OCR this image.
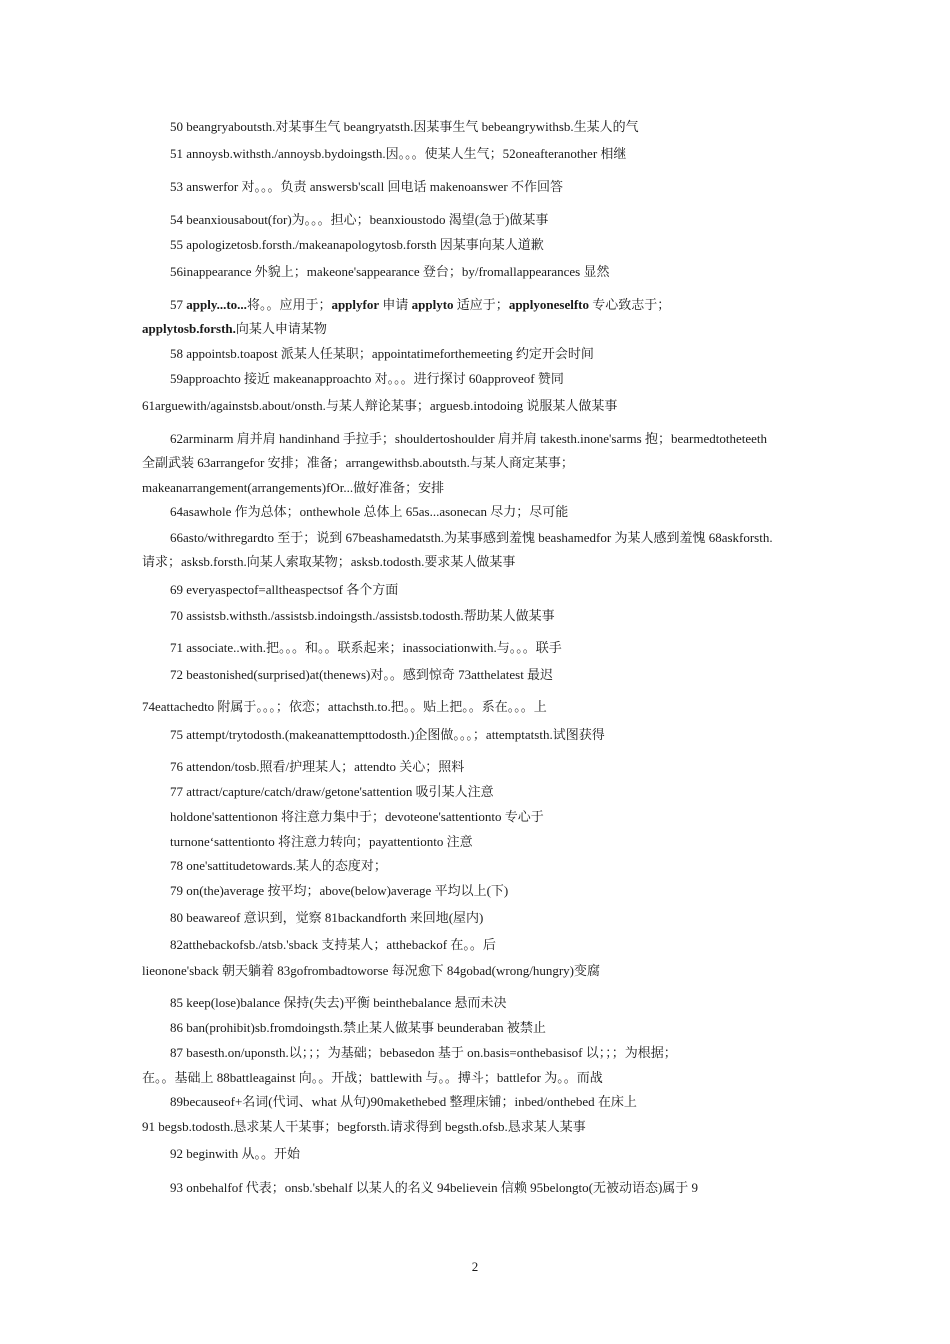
50 beangryaboutsth.对某事生气 beangryatsth.因某事生气 bebeangrywithsb.生某人的气
51 annoysb.withsth./annoysb.bydoingsth.因。。。使某人生气；52oneafteranother 相继
53 answerfor 对。。。负责 answersb'scall 回电话 makenoanswer 不作回答
54 beanxiousabout(for)为。。。担心；beanxioustodo 渴望(急于)做某事
55 apologizetosb.forsth./makeanapologytosb.forsth 因某事向某人道歉
56inappearance 外貌上；makeone'sappearance 登台；by/fromallappearances 显然
57 apply...to...将。。应用于；applyfor 申请 applyto 适应于；applyoneselfto 专心致志于；
applytosb.forsth.向某人申请某物
58 appointsb.toapost 派某人任某职；appointatimeforthemeeting 约定开会时间
59approachto 接近 makeanapproachto 对。。。进行探讨 60approveof 赞同
61arguewith/againstsb.about/onsth.与某人辩论某事；arguesb.intodoing 说服某人做某事
62arminarm 肩并肩 handinhand 手拉手；shouldertoshoulder 肩并肩 takesth.inone'sarms 抱；bearmedtotheteeth
全副武装 63arrangefor 安排；准备；arrangewithsb.aboutsth.与某人商定某事；
makeanarrangement(arrangements)fOr...做好准备；安排
64asawhole 作为总体；onthewhole 总体上 65as...asonecan 尽力；尽可能
66asto/withregardto 至于；说到 67beashamedatsth.为某事感到羞愧 beashamedfor 为某人感到羞愧 68askforsth.
请求；asksb.forsth.向某人索取某物；asksb.todosth.要求某人做某事
69 everyaspectof=alltheaspectsof 各个方面
70 assistsb.withsth./assistsb.indoingsth./assistsb.todosth.帮助某人做某事
71 associate..with.把。。。和。。联系起来；inassociationwith.与。。。联手
72 beastonished(surprised)at(thenews)对。。感到惊奇 73atthelatest 最迟
74eattachedto 附属于。。。；依恋；attachsth.to.把。。贴上把。。系在。。。上
75 attempt/trytodosth.(makeanattempttodosth.)企图做。。。；attemptatsth.试图获得
76 attendon/tosb.照看/护理某人；attendto 关心；照料
77 attract/capture/catch/draw/getone'sattention 吸引某人注意
holdone'sattentionon 将注意力集中于；devoteone'sattentionto 专心于
turnone‘sattentionto 将注意力转向；payattentionto 注意
78 one'sattitudetowards.某人的态度对；
79 on(the)average 按平均；above(below)average 平均以上(下)
80 beawareof 意识到，觉察 81backandforth 来回地(屋内)
82atthebackofsb./atsb.'sback 支持某人；atthebackof 在。。后
lieonone'sback 朝天躺着 83gofrombadtoworse 每况愈下 84gobad(wrong/hungry)变腐
85 keep(lose)balance 保持(失去)平衡 beinthebalance 悬而未决
86 ban(prohibit)sb.fromdoingsth.禁止某人做某事 beunderaban 被禁止
87 basesth.on/uponsth.以；；；为基础；bebasedon 基于 on.basis=onthebasisof 以；；；为根据；
在。。基础上 88battleagainst 向。。开战；battlewith 与。。搏斗；battlefor 为。。而战
89becauseof+名词(代词、what 从句)90makethebed 整理床铺；inbed/onthebed 在床上
91 begsb.todosth.恳求某人干某事；begforsth.请求得到 begsth.ofsb.恳求某人某事
92 beginwith 从。。开始
93 onbehalfof 代表；onsb.'sbehalf 以某人的名义 94believein 信赖 95belongto(无被动语态)属于 9
2
